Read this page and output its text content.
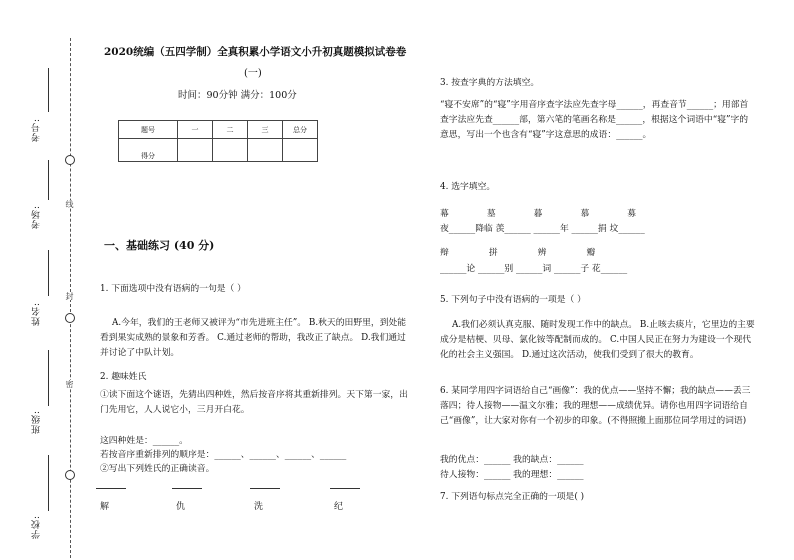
线
封
密
考号:
考场:
姓名:
班级:
学校:
2020统编（五四学制）全真积累小学语文小升初真题模拟试卷卷
(一)
时间：90分钟 满分：100分
题号	一	二	三	总分
得分				
一、基础练习 (40 分)
1. 下面选项中没有语病的一句是（ ）
A.今年，我们的王老师又被评为“市先进班主任”。 B.秋天的田野里，到处能看到果实成熟的景象和芳香。 C.通过老师的帮助，我改正了缺点。 D.我们通过并讨论了中队计划。
2. 趣味姓氏
①读下面这个谜语，先猜出四种姓，然后按音序将其重新排列。天下第一家，出门先用它，人人说它小，三月开白花。
这四种姓是：______。
若按音序重新排列的顺序是：______、______、______、______
②写出下列姓氏的正确读音。
解	仇	洗	纪
3. 按查字典的方法填空。
“寝不安席”的“寝”字用音序查字法应先查字母______，再查音节______；用部首查字法应先查______部，第六笔的笔画名称是______，根据这个词语中“寝”字的意思，写出一个也含有“寝”字这意思的成语：______。
4. 选字填空。
幕	墓	暮	慕	募
夜______降临 羡______ ______年 ______捐 坟______
辩	拼	辨	瓣
______论 ______别 ______词 ______子 花______
5. 下列句子中没有语病的一项是（ ）
A.我们必须认真克服、随时发现工作中的缺点。 B.止咳去痰片，它里边的主要成分是桔梗、贝母、氯化铵等配制而成的。 C.中国人民正在努力为建设一个现代化的社会主义强国。 D.通过这次活动，使我们受到了很大的教育。
6. 某同学用四字词语给自己“画像”：我的优点——坚持不懈；我的缺点——丢三落四；待人接物——温文尔雅；我的理想——成绩优异。请你也用四字词语给自己“画像”，让大家对你有一个初步的印象。(不得照搬上面那位同学用过的词语)
我的优点：______ 我的缺点：______
待人接物：______ 我的理想：______
7. 下列语句标点完全正确的一项是( )
